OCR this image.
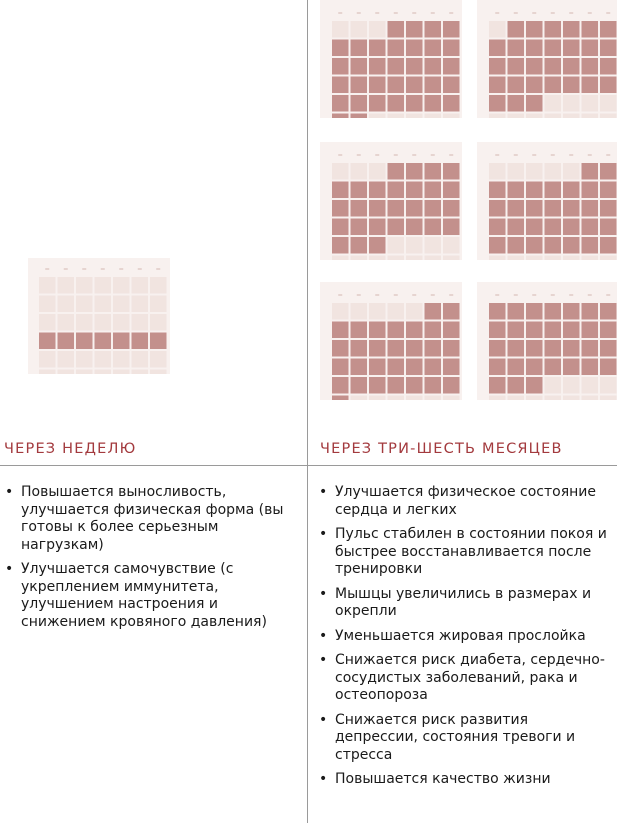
ЧЕРЕЗ НЕДЕЛЮ	ЧЕРЕЗ ТРИ-ШЕСТЬ МЕСЯЦЕВ
• Повышается выносливость, улучшается физическая форма (вы готовы к более серьезным нагрузкам)
• Улучшается самочувствие (с укреплением иммунитета, улучшением настроения и снижением кровяного давления)
• Улучшается физическое состояние сердца и легких
• Пульс стабилен в состоянии покоя и быстрее восстанавливается после тренировки
• Мышцы увеличились в размерах и окрепли
• Уменьшается жировая прослойка
• Снижается риск диабета, сердечно-сосудистых заболеваний, рака и остеопороза
• Снижается риск развития депрессии, состояния тревоги и стресса
• Повышается качество жизни
